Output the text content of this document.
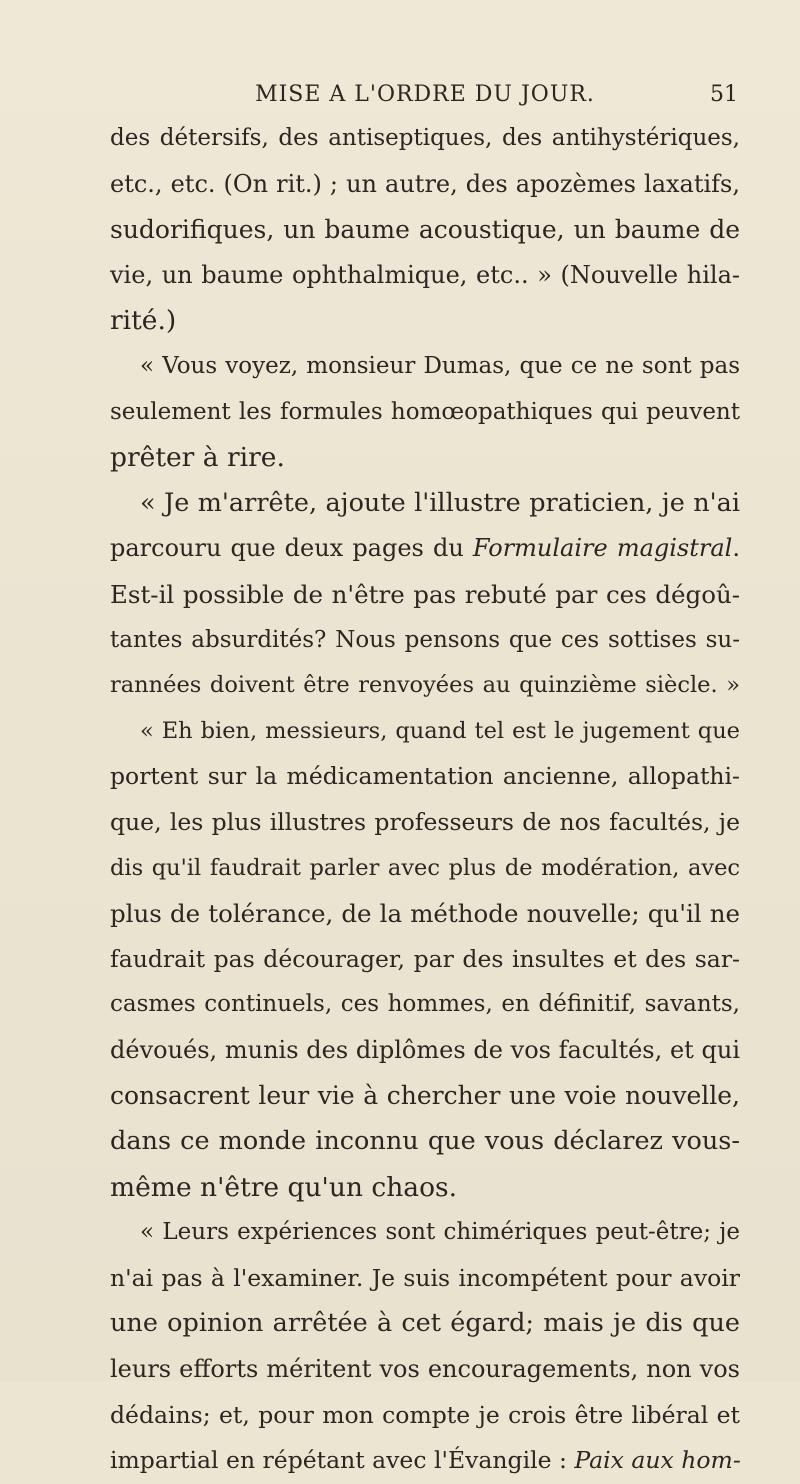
MISE A L'ORDRE DU JOUR.	51
des détersifs, des antiseptiques, des antihystériques,
etc., etc. (On rit.) ; un autre, des apozèmes laxatifs,
sudorifiques, un baume acoustique, un baume de
vie, un baume ophthalmique, etc.. » (Nouvelle hila-
rité.)
« Vous voyez, monsieur Dumas, que ce ne sont pas
seulement les formules homœopathiques qui peuvent
prêter à rire.
« Je m'arrête, ajoute l'illustre praticien, je n'ai
parcouru que deux pages du Formulaire magistral.
Est-il possible de n'être pas rebuté par ces dégoû-
tantes absurdités? Nous pensons que ces sottises su-
rannées doivent être renvoyées au quinzième siècle. »
« Eh bien, messieurs, quand tel est le jugement que
portent sur la médicamentation ancienne, allopathi-
que, les plus illustres professeurs de nos facultés, je
dis qu'il faudrait parler avec plus de modération, avec
plus de tolérance, de la méthode nouvelle; qu'il ne
faudrait pas décourager, par des insultes et des sar-
casmes continuels, ces hommes, en définitif, savants,
dévoués, munis des diplômes de vos facultés, et qui
consacrent leur vie à chercher une voie nouvelle,
dans ce monde inconnu que vous déclarez vous-
même n'être qu'un chaos.
« Leurs expériences sont chimériques peut-être; je
n'ai pas à l'examiner. Je suis incompétent pour avoir
une opinion arrêtée à cet égard; mais je dis que
leurs efforts méritent vos encouragements, non vos
dédains; et, pour mon compte je crois être libéral et
impartial en répétant avec l'Évangile : Paix aux hom-
